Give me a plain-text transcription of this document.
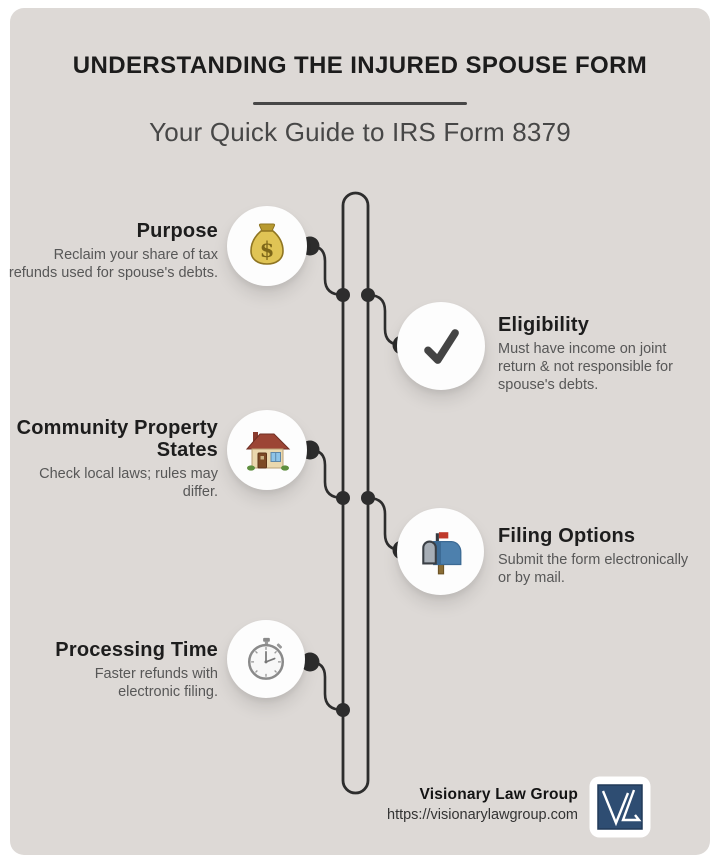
UNDERSTANDING THE INJURED SPOUSE FORM
Your Quick Guide to IRS Form 8379
Purpose
Reclaim your share of tax refunds used for spouse's debts.
$
Eligibility
Must have income on joint return & not responsible for spouse's debts.
Community Property States
Check local laws; rules may differ.
Filing Options
Submit the form electronically or by mail.
Processing Time
Faster refunds with electronic filing.
Visionary Law Group
https://visionarylawgroup.com
